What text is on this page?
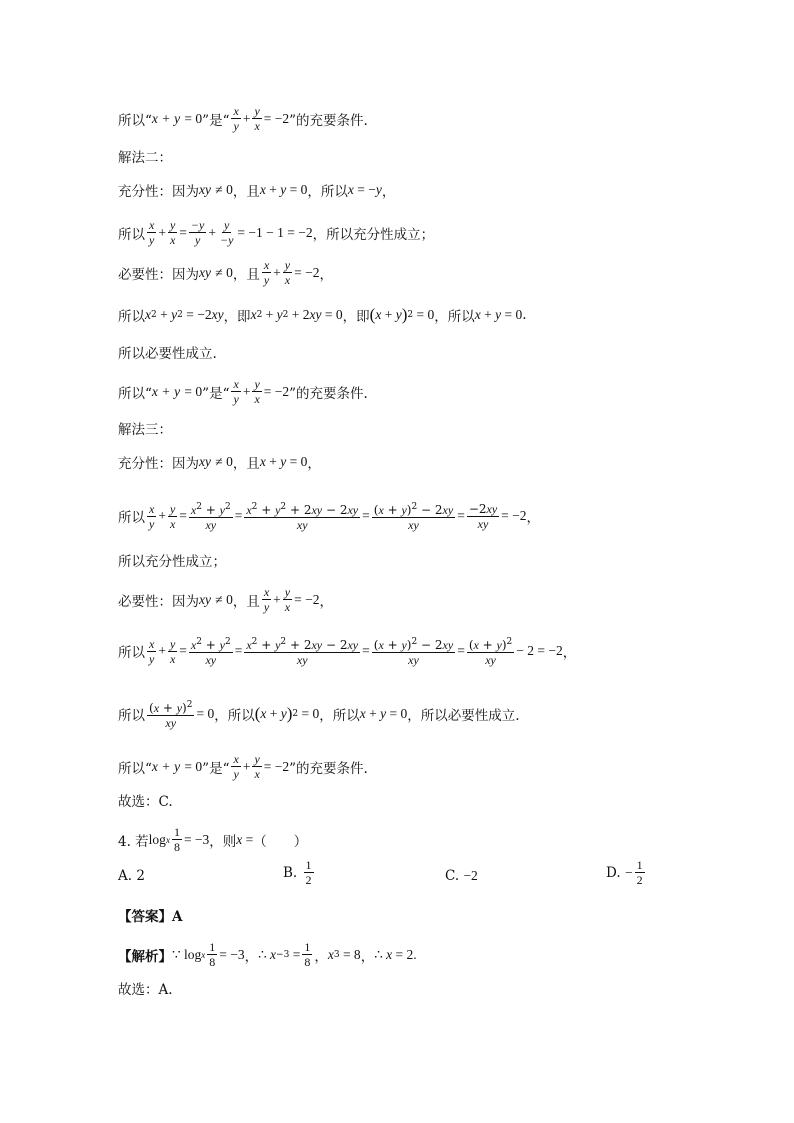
所以“ x
+
y
= 0 ”是“ $\frac{x}{y} + \frac{y}{x} = -2$ ”的充要条件.
解法二：
充分性：因为 xy
≠ 0 ，且 x + y = 0 ，所以 x = − y ，
所以 $\frac{x}{y} + \frac{y}{x} = \frac{-y}{y} + \frac{y}{-y} = -1 - 1 = -2$ ，所以充分性成立；
必要性：因为 xy
≠ 0 ，且 $\frac{x}{y} + \frac{y}{x} = -2$ ，
所以 x 2 + y 2 = −2 xy ，即 x 2 + y 2 + 2 xy = 0 ，即 ( x + y ) 2 = 0 ，所以 x + y = 0 .
所以必要性成立.
所以“ x
+
y
= 0 ”是“ $\frac{x}{y} + \frac{y}{x} = -2$ ”的充要条件.
解法三：
充分性：因为 xy
≠ 0 ，且 x + y = 0 ，
所以 $\frac{x}{y} + \frac{y}{x} = \frac{x^2 + y^2}{xy} = \frac{x^2 + y^2 + 2xy - 2xy}{xy} = \frac{(x + y)^2 - 2xy}{xy} = \frac{-2xy}{xy} = -2$ ，
所以充分性成立；
必要性：因为 xy
≠ 0 ，且 $\frac{x}{y} + \frac{y}{x} = -2$ ，
所以 $\frac{x}{y} + \frac{y}{x} = \frac{x^2 + y^2}{xy} = \frac{x^2 + y^2 + 2xy - 2xy}{xy} = \frac{(x + y)^2 - 2xy}{xy} = \frac{(x + y)^2}{xy} - 2 = -2$ ，
所以 $\frac{(x + y)^2}{xy} = 0$ ，所以 ( x + y ) 2 = 0 ，所以 x + y = 0 ，所以必要性成立.
所以“ x
+
y
= 0 ”是“ $\frac{x}{y} + \frac{y}{x} = -2$ ”的充要条件.
故选：C.
4. 若 log x $\frac{1}{8} = -3$ ，则 x = （　　）
A. 2	B.
$\frac{1}{2}$	C.
−2	D.
− $\frac{1}{2}$
【答案】A
【解析】 ∵ log x $\frac{1}{8} = -3$ ， ∴ $x -3 = \frac{1}{8}$ ， x 3 = 8 ， ∴ x = 2.
故选：A.
